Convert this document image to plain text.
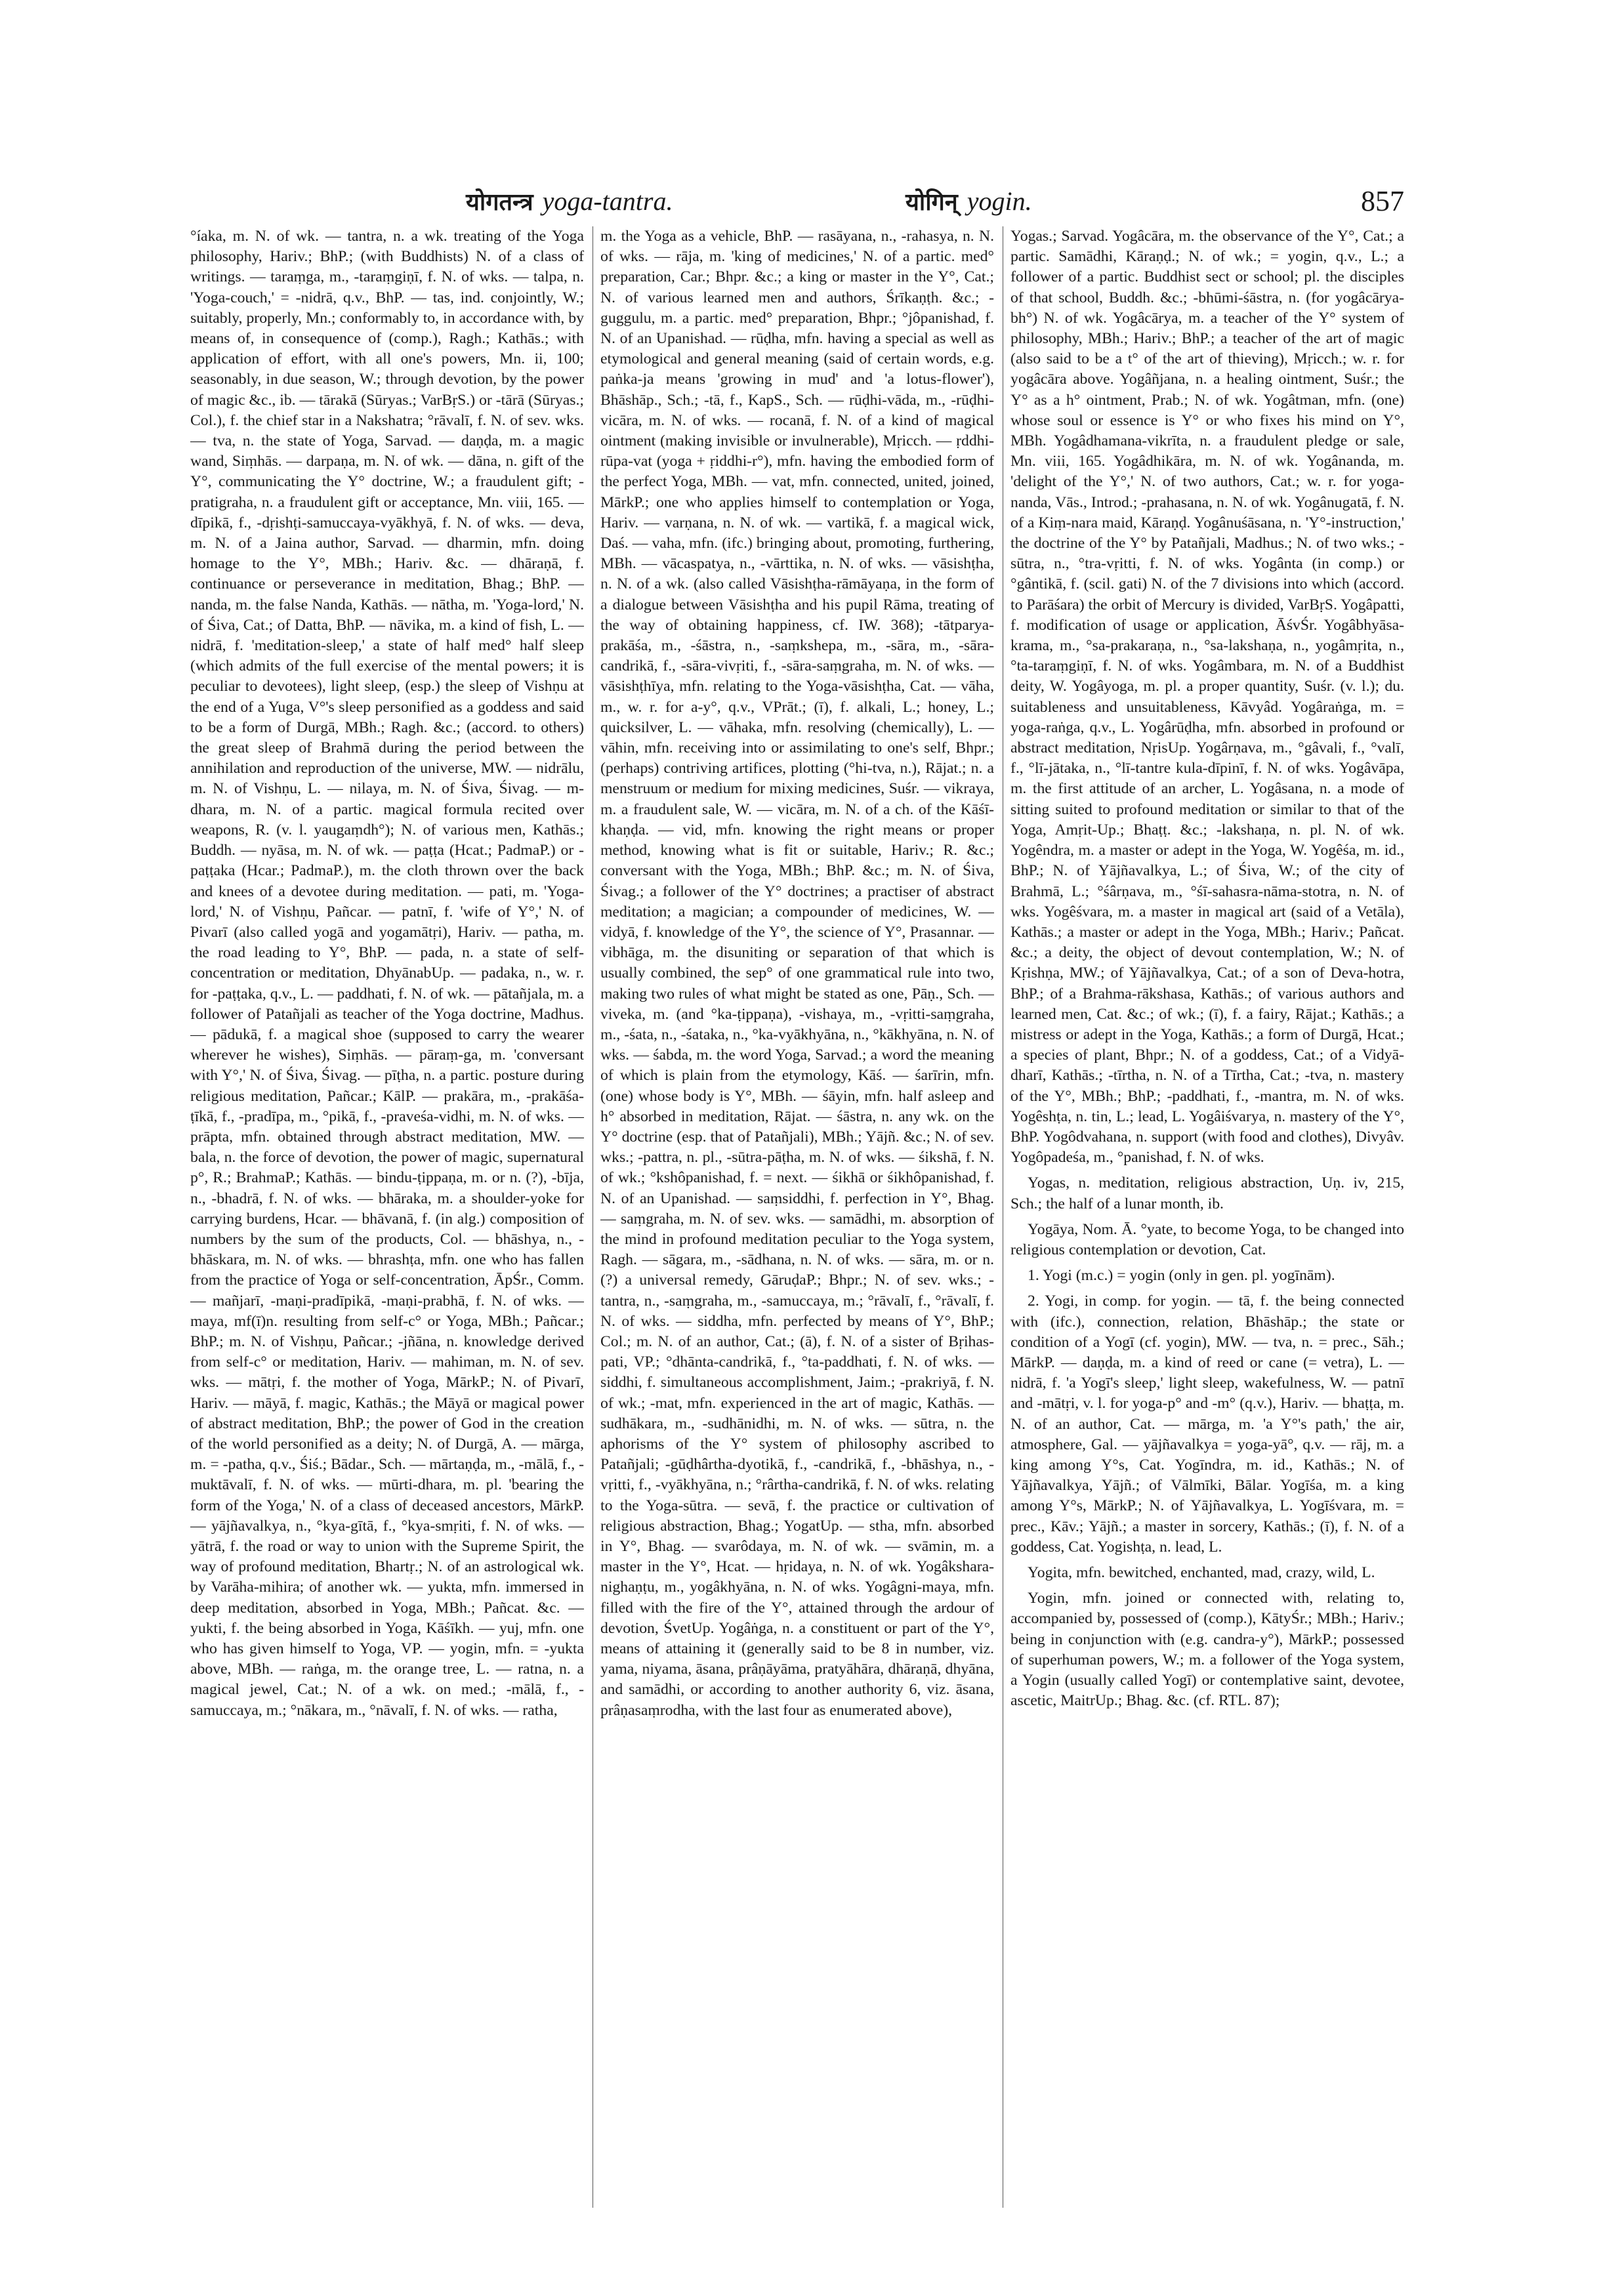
योगतन्त्र yoga-tantra.	योगिन् yogin.	857

°íaka, m. N. of wk. — tantra, n. a wk. treating of the Yoga philosophy, Hariv.; BhP.; (with Buddhists) N. of a class of writings. — taraṃga, m., -taraṃgiṇī, f. N. of wks. — talpa, n. 'Yoga-couch,' = -nidrā, q.v., BhP. — tas, ind. conjointly, W.; suitably, properly, Mn.; conformably to, in accordance with, by means of, in consequence of (comp.), Ragh.; Kathās.; with application of effort, with all one's powers, Mn. ii, 100; seasonably, in due season, W.; through devotion, by the power of magic &c., ib. — tārakā (Sūryas.; VarBṛS.) or -tārā (Sūryas.; Col.), f. the chief star in a Nakshatra; °rāvalī, f. N. of sev. wks. — tva, n. the state of Yoga, Sarvad. — daṇḍa, m. a magic wand, Siṃhās. — darpaṇa, m. N. of wk. — dāna, n. gift of the Y°, communicating the Y° doctrine, W.; a fraudulent gift; -pratigraha, n. a fraudulent gift or acceptance, Mn. viii, 165. — dīpikā, f., -dṛishṭi-samuccaya-vyākhyā, f. N. of wks. — deva, m. N. of a Jaina author, Sarvad. — dharmin, mfn. doing homage to the Y°, MBh.; Hariv. &c. — dhāraṇā, f. continuance or perseverance in meditation, Bhag.; BhP. — nanda, m. the false Nanda, Kathās. — nātha, m. 'Yoga-lord,' N. of Śiva, Cat.; of Datta, BhP. — nāvika, m. a kind of fish, L. — nidrā, f. 'meditation-sleep,' a state of half med° half sleep (which admits of the full exercise of the mental powers; it is peculiar to devotees), light sleep, (esp.) the sleep of Vishṇu at the end of a Yuga, V°'s sleep personified as a goddess and said to be a form of Durgā, MBh.; Ragh. &c.; (accord. to others) the great sleep of Brahmā during the period between the annihilation and reproduction of the universe, MW. — nidrālu, m. N. of Vishṇu, L. — nilaya, m. N. of Śiva, Śivag. — m-dhara, m. N. of a partic. magical formula recited over weapons, R. (v. l. yaugaṃdh°); N. of various men, Kathās.; Buddh. — nyāsa, m. N. of wk. — paṭṭa (Hcat.; PadmaP.) or -paṭṭaka (Hcar.; PadmaP.), m. the cloth thrown over the back and knees of a devotee during meditation. — pati, m. 'Yoga-lord,' N. of Vishṇu, Pañcar. — patnī, f. 'wife of Y°,' N. of Pivarī (also called yogā and yogamātṛi), Hariv. — patha, m. the road leading to Y°, BhP. — pada, n. a state of self-concentration or meditation, DhyānabUp. — padaka, n., w. r. for -paṭṭaka, q.v., L. — paddhati, f. N. of wk. — pātañjala, m. a follower of Patañjali as teacher of the Yoga doctrine, Madhus. — pādukā, f. a magical shoe (supposed to carry the wearer wherever he wishes), Siṃhās. — pāraṃ-ga, m. 'conversant with Y°,' N. of Śiva, Śivag. — pīṭha, n. a partic. posture during religious meditation, Pañcar.; KālP. — prakāra, m., -prakāśa-ṭīkā, f., -pradīpa, m., °pikā, f., -praveśa-vidhi, m. N. of wks. — prāpta, mfn. obtained through abstract meditation, MW. — bala, n. the force of devotion, the power of magic, supernatural p°, R.; BrahmaP.; Kathās. — bindu-ṭippaṇa, m. or n. (?), -bīja, n., -bhadrā, f. N. of wks. — bhāraka, m. a shoulder-yoke for carrying burdens, Hcar. — bhāvanā, f. (in alg.) composition of numbers by the sum of the products, Col. — bhāshya, n., -bhāskara, m. N. of wks. — bhrashṭa, mfn. one who has fallen from the practice of Yoga or self-concentration, ĀpŚr., Comm. — mañjarī, -maṇi-pradīpikā, -maṇi-prabhā, f. N. of wks. — maya, mf(ī)n. resulting from self-c° or Yoga, MBh.; Pañcar.; BhP.; m. N. of Vishṇu, Pañcar.; -jñāna, n. knowledge derived from self-c° or meditation, Hariv. — mahiman, m. N. of sev. wks. — mātṛi, f. the mother of Yoga, MārkP.; N. of Pivarī, Hariv. — māyā, f. magic, Kathās.; the Māyā or magical power of abstract meditation, BhP.; the power of God in the creation of the world personified as a deity; N. of Durgā, A. — mārga, m. = -patha, q.v., Śiś.; Bādar., Sch. — mārtaṇḍa, m., -mālā, f., -muktāvalī, f. N. of wks. — mūrti-dhara, m. pl. 'bearing the form of the Yoga,' N. of a class of deceased ancestors, MārkP. — yājñavalkya, n., °kya-gītā, f., °kya-smṛiti, f. N. of wks. — yātrā, f. the road or way to union with the Supreme Spirit, the way of profound meditation, Bhartṛ.; N. of an astrological wk. by Varāha-mihira; of another wk. — yukta, mfn. immersed in deep meditation, absorbed in Yoga, MBh.; Pañcat. &c. — yukti, f. the being absorbed in Yoga, Kāśīkh. — yuj, mfn. one who has given himself to Yoga, VP. — yogin, mfn. = -yukta above, MBh. — raṅga, m. the orange tree, L. — ratna, n. a magical jewel, Cat.; N. of a wk. on med.; -mālā, f., -samuccaya, m.; °nākara, m., °nāvalī, f. N. of wks. — ratha,

m. the Yoga as a vehicle, BhP. — rasāyana, n., -rahasya, n. N. of wks. — rāja, m. 'king of medicines,' N. of a partic. med° preparation, Car.; Bhpr. &c.; a king or master in the Y°, Cat.; N. of various learned men and authors, Śrīkaṇṭh. &c.; -guggulu, m. a partic. med° preparation, Bhpr.; °jôpanishad, f. N. of an Upanishad. — rūḍha, mfn. having a special as well as etymological and general meaning (said of certain words, e.g. paṅka-ja means 'growing in mud' and 'a lotus-flower'), Bhāshāp., Sch.; -tā, f., KapS., Sch. — rūḍhi-vāda, m., -rūḍhi-vicāra, m. N. of wks. — rocanā, f. N. of a kind of magical ointment (making invisible or invulnerable), Mṛicch. — ṛddhi-rūpa-vat (yoga + ṛiddhi-r°), mfn. having the embodied form of the perfect Yoga, MBh. — vat, mfn. connected, united, joined, MārkP.; one who applies himself to contemplation or Yoga, Hariv. — varṇana, n. N. of wk. — vartikā, f. a magical wick, Daś. — vaha, mfn. (ifc.) bringing about, promoting, furthering, MBh. — vācaspatya, n., -vārttika, n. N. of wks. — vāsishṭha, n. N. of a wk. (also called Vāsishṭha-rāmāyaṇa, in the form of a dialogue between Vāsishṭha and his pupil Rāma, treating of the way of obtaining happiness, cf. IW. 368); -tātparya-prakāśa, m., -śāstra, n., -saṃkshepa, m., -sāra, m., -sāra-candrikā, f., -sāra-vivṛiti, f., -sāra-saṃgraha, m. N. of wks. — vāsishṭhīya, mfn. relating to the Yoga-vāsishṭha, Cat. — vāha, m., w. r. for a-y°, q.v., VPrāt.; (ī), f. alkali, L.; honey, L.; quicksilver, L. — vāhaka, mfn. resolving (chemically), L. — vāhin, mfn. receiving into or assimilating to one's self, Bhpr.; (perhaps) contriving artifices, plotting (°hi-tva, n.), Rājat.; n. a menstruum or medium for mixing medicines, Suśr. — vikraya, m. a fraudulent sale, W. — vicāra, m. N. of a ch. of the Kāśī-khaṇḍa. — vid, mfn. knowing the right means or proper method, knowing what is fit or suitable, Hariv.; R. &c.; conversant with the Yoga, MBh.; BhP. &c.; m. N. of Śiva, Śivag.; a follower of the Y° doctrines; a practiser of abstract meditation; a magician; a compounder of medicines, W. — vidyā, f. knowledge of the Y°, the science of Y°, Prasannar. — vibhāga, m. the disuniting or separation of that which is usually combined, the sep° of one grammatical rule into two, making two rules of what might be stated as one, Pāṇ., Sch. — viveka, m. (and °ka-ṭippaṇa), -vishaya, m., -vṛitti-saṃgraha, m., -śata, n., -śataka, n., °ka-vyākhyāna, n., °kākhyāna, n. N. of wks. — śabda, m. the word Yoga, Sarvad.; a word the meaning of which is plain from the etymology, Kāś. — śarīrin, mfn. (one) whose body is Y°, MBh. — śāyin, mfn. half asleep and h° absorbed in meditation, Rājat. — śāstra, n. any wk. on the Y° doctrine (esp. that of Patañjali), MBh.; Yājñ. &c.; N. of sev. wks.; -pattra, n. pl., -sūtra-pāṭha, m. N. of wks. — śikshā, f. N. of wk.; °kshôpanishad, f. = next. — śikhā or śikhôpanishad, f. N. of an Upanishad. — saṃsiddhi, f. perfection in Y°, Bhag. — saṃgraha, m. N. of sev. wks. — samādhi, m. absorption of the mind in profound meditation peculiar to the Yoga system, Ragh. — sāgara, m., -sādhana, n. N. of wks. — sāra, m. or n. (?) a universal remedy, GāruḍaP.; Bhpr.; N. of sev. wks.; -tantra, n., -saṃgraha, m., -samuccaya, m.; °rāvalī, f., °rāvalī, f. N. of wks. — siddha, mfn. perfected by means of Y°, BhP.; Col.; m. N. of an author, Cat.; (ā), f. N. of a sister of Bṛihas-pati, VP.; °dhānta-candrikā, f., °ta-paddhati, f. N. of wks. — siddhi, f. simultaneous accomplishment, Jaim.; -prakriyā, f. N. of wk.; -mat, mfn. experienced in the art of magic, Kathās. — sudhākara, m., -sudhānidhi, m. N. of wks. — sūtra, n. the aphorisms of the Y° system of philosophy ascribed to Patañjali; -gūḍhârtha-dyotikā, f., -candrikā, f., -bhāshya, n., -vṛitti, f., -vyākhyāna, n.; °rârtha-candrikā, f. N. of wks. relating to the Yoga-sūtra. — sevā, f. the practice or cultivation of religious abstraction, Bhag.; YogatUp. — stha, mfn. absorbed in Y°, Bhag. — svarôdaya, m. N. of wk. — svāmin, m. a master in the Y°, Hcat. — hṛidaya, n. N. of wk. Yogâkshara-nighaṇṭu, m., yogâkhyāna, n. N. of wks. Yogâgni-maya, mfn. filled with the fire of the Y°, attained through the ardour of devotion, ŚvetUp. Yogâṅga, n. a constituent or part of the Y°, means of attaining it (generally said to be 8 in number, viz. yama, niyama, āsana, prâṇāyāma, pratyāhāra, dhāraṇā, dhyāna, and samādhi, or according to another authority 6, viz. āsana, prâṇasaṃrodha, with the last four as enumerated above),

Yogas.; Sarvad. Yogâcāra, m. the observance of the Y°, Cat.; a partic. Samādhi, Kāraṇḍ.; N. of wk.; = yogin, q.v., L.; a follower of a partic. Buddhist sect or school; pl. the disciples of that school, Buddh. &c.; -bhūmi-śāstra, n. (for yogâcārya-bh°) N. of wk. Yogâcārya, m. a teacher of the Y° system of philosophy, MBh.; Hariv.; BhP.; a teacher of the art of magic (also said to be a t° of the art of thieving), Mṛicch.; w. r. for yogâcāra above. Yogâñjana, n. a healing ointment, Suśr.; the Y° as a h° ointment, Prab.; N. of wk. Yogâtman, mfn. (one) whose soul or essence is Y° or who fixes his mind on Y°, MBh. Yogâdhamana-vikrīta, n. a fraudulent pledge or sale, Mn. viii, 165. Yogâdhikāra, m. N. of wk. Yogânanda, m. 'delight of the Y°,' N. of two authors, Cat.; w. r. for yoga-nanda, Vās., Introd.; -prahasana, n. N. of wk. Yogânugatā, f. N. of a Kiṃ-nara maid, Kāraṇḍ. Yogânuśāsana, n. 'Y°-instruction,' the doctrine of the Y° by Patañjali, Madhus.; N. of two wks.; -sūtra, n., °tra-vṛitti, f. N. of wks. Yogânta (in comp.) or °gântikā, f. (scil. gati) N. of the 7 divisions into which (accord. to Parāśara) the orbit of Mercury is divided, VarBṛS. Yogâpatti, f. modification of usage or application, ĀśvŚr. Yogâbhyāsa-krama, m., °sa-prakaraṇa, n., °sa-lakshaṇa, n., yogâmṛita, n., °ta-taraṃgiṇī, f. N. of wks. Yogâmbara, m. N. of a Buddhist deity, W. Yogâyoga, m. pl. a proper quantity, Suśr. (v. l.); du. suitableness and unsuitableness, Kāvyâd. Yogâraṅga, m. = yoga-raṅga, q.v., L. Yogârūḍha, mfn. absorbed in profound or abstract meditation, NṛisUp. Yogârṇava, m., °gâvali, f., °valī, f., °lī-jātaka, n., °lī-tantre kula-dīpinī, f. N. of wks. Yogâvāpa, m. the first attitude of an archer, L. Yogâsana, n. a mode of sitting suited to profound meditation or similar to that of the Yoga, Amṛit-Up.; Bhaṭṭ. &c.; -lakshaṇa, n. pl. N. of wk. Yogêndra, m. a master or adept in the Yoga, W. Yogêśa, m. id., BhP.; N. of Yājñavalkya, L.; of Śiva, W.; of the city of Brahmā, L.; °śârṇava, m., °śī-sahasra-nāma-stotra, n. N. of wks. Yogêśvara, m. a master in magical art (said of a Vetāla), Kathās.; a master or adept in the Yoga, MBh.; Hariv.; Pañcat. &c.; a deity, the object of devout contemplation, W.; N. of Kṛishṇa, MW.; of Yājñavalkya, Cat.; of a son of Deva-hotra, BhP.; of a Brahma-rākshasa, Kathās.; of various authors and learned men, Cat. &c.; of wk.; (ī), f. a fairy, Rājat.; Kathās.; a mistress or adept in the Yoga, Kathās.; a form of Durgā, Hcat.; a species of plant, Bhpr.; N. of a goddess, Cat.; of a Vidyā-dharī, Kathās.; -tīrtha, n. N. of a Tīrtha, Cat.; -tva, n. mastery of the Y°, MBh.; BhP.; -paddhati, f., -mantra, m. N. of wks. Yogêshṭa, n. tin, L.; lead, L. Yogâiśvarya, n. mastery of the Y°, BhP. Yogôdvahana, n. support (with food and clothes), Divyâv. Yogôpadeśa, m., °panishad, f. N. of wks.

Yogas, n. meditation, religious abstraction, Uṇ. iv, 215, Sch.; the half of a lunar month, ib.

Yogāya, Nom. Ā. °yate, to become Yoga, to be changed into religious contemplation or devotion, Cat.

1. Yogi (m.c.) = yogin (only in gen. pl. yogīnām).

2. Yogi, in comp. for yogin. — tā, f. the being connected with (ifc.), connection, relation, Bhāshāp.; the state or condition of a Yogī (cf. yogin), MW. — tva, n. = prec., Sāh.; MārkP. — daṇḍa, m. a kind of reed or cane (= vetra), L. — nidrā, f. 'a Yogī's sleep,' light sleep, wakefulness, W. — patnī and -mātṛi, v. l. for yoga-p° and -m° (q.v.), Hariv. — bhaṭṭa, m. N. of an author, Cat. — mārga, m. 'a Y°'s path,' the air, atmosphere, Gal. — yājñavalkya = yoga-yā°, q.v. — rāj, m. a king among Y°s, Cat. Yogīndra, m. id., Kathās.; N. of Yājñavalkya, Yājñ.; of Vālmīki, Bālar. Yogīśa, m. a king among Y°s, MārkP.; N. of Yājñavalkya, L. Yogīśvara, m. = prec., Kāv.; Yājñ.; a master in sorcery, Kathās.; (ī), f. N. of a goddess, Cat. Yogishṭa, n. lead, L.

Yogita, mfn. bewitched, enchanted, mad, crazy, wild, L.

Yogin, mfn. joined or connected with, relating to, accompanied by, possessed of (comp.), KātyŚr.; MBh.; Hariv.; being in conjunction with (e.g. candra-y°), MārkP.; possessed of superhuman powers, W.; m. a follower of the Yoga system, a Yogin (usually called Yogī) or contemplative saint, devotee, ascetic, MaitrUp.; Bhag. &c. (cf. RTL. 87);
